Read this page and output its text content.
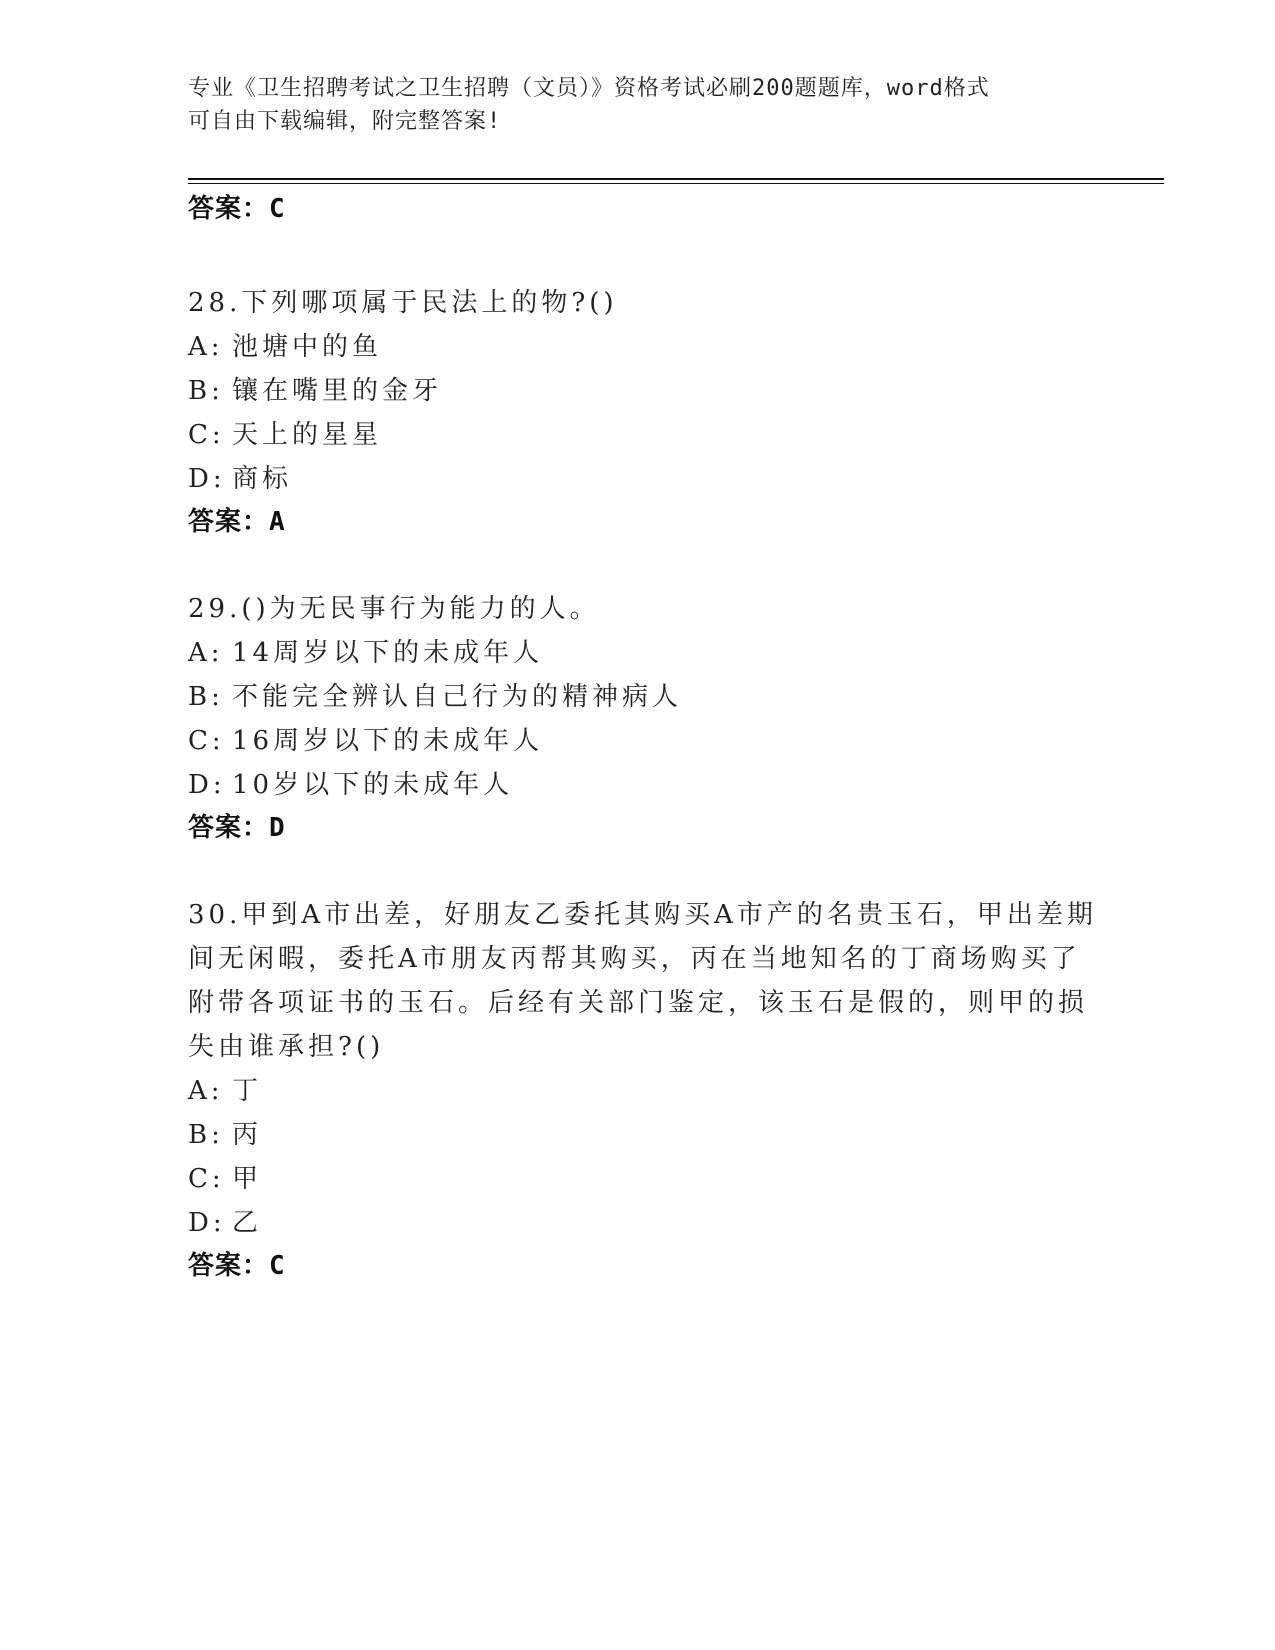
专业《卫生招聘考试之卫生招聘（文员）》资格考试必刷200题题库，word格式
可自由下载编辑，附完整答案!
答案：C
28.下列哪项属于民法上的物?()
A: 池塘中的鱼
B: 镶在嘴里的金牙
C: 天上的星星
D: 商标
答案：A
29.()为无民事行为能力的人。
A: 14周岁以下的未成年人
B: 不能完全辨认自己行为的精神病人
C: 16周岁以下的未成年人
D: 10岁以下的未成年人
答案：D
30.甲到A市出差，好朋友乙委托其购买A市产的名贵玉石，甲出差期
间无闲暇，委托A市朋友丙帮其购买，丙在当地知名的丁商场购买了
附带各项证书的玉石。后经有关部门鉴定，该玉石是假的，则甲的损
失由谁承担?()
A: 丁
B: 丙
C: 甲
D: 乙
答案：C
